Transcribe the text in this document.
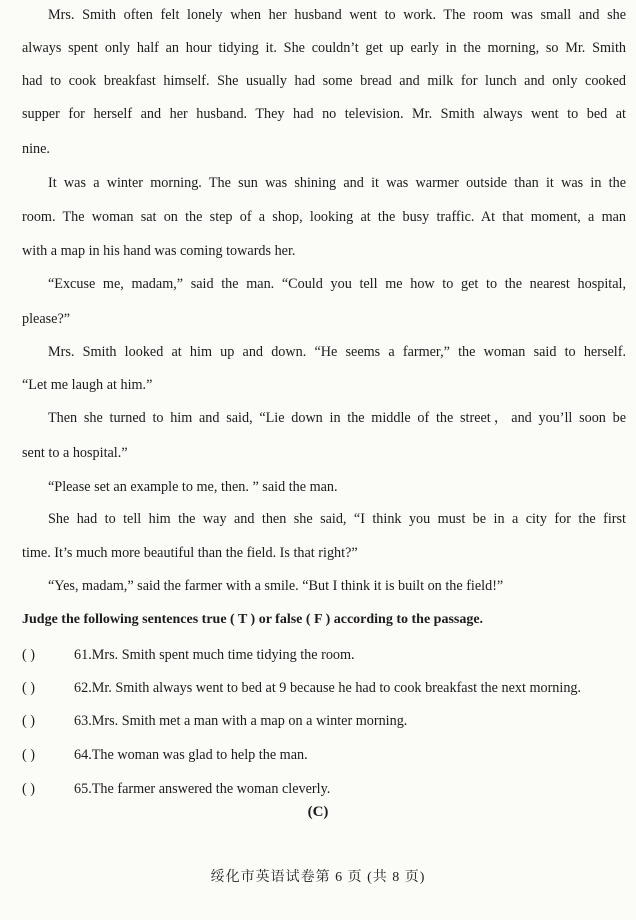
Mrs. Smith often felt lonely when her husband went to work. The room was small and she
always spent only half an hour tidying it. She couldn’t get up early in the morning, so Mr. Smith
had to cook breakfast himself. She usually had some bread and milk for lunch and only cooked
supper for herself and her husband. They had no television. Mr. Smith always went to bed at
nine.
It was a winter morning. The sun was shining and it was warmer outside than it was in the
room. The woman sat on the step of a shop, looking at the busy traffic. At that moment, a man
with a map in his hand was coming towards her.
“Excuse me, madam,” said the man. “Could you tell me how to get to the nearest hospital,
please?”
Mrs. Smith looked at him up and down. “He seems a farmer,” the woman said to herself.
“Let me laugh at him.”
Then she turned to him and said, “Lie down in the middle of the street，and you’ll soon be
sent to a hospital.”
“Please set an example to me, then. ” said the man.
She had to tell him the way and then she said, “I think you must be in a city for the first
time. It’s much more beautiful than the field. Is that right?”
“Yes, madam,” said the farmer with a smile. “But I think it is built on the field!”
Judge the following sentences true ( T ) or false ( F ) according to the passage.
( )	61.Mrs. Smith spent much time tidying the room.
( )	62.Mr. Smith always went to bed at 9 because he had to cook breakfast the next morning.
( )	63.Mrs. Smith met a man with a map on a winter morning.
( )	64.The woman was glad to help the man.
( )	65.The farmer answered the woman cleverly.
(C)
绥化市英语试卷第 6 页 (共 8 页)
